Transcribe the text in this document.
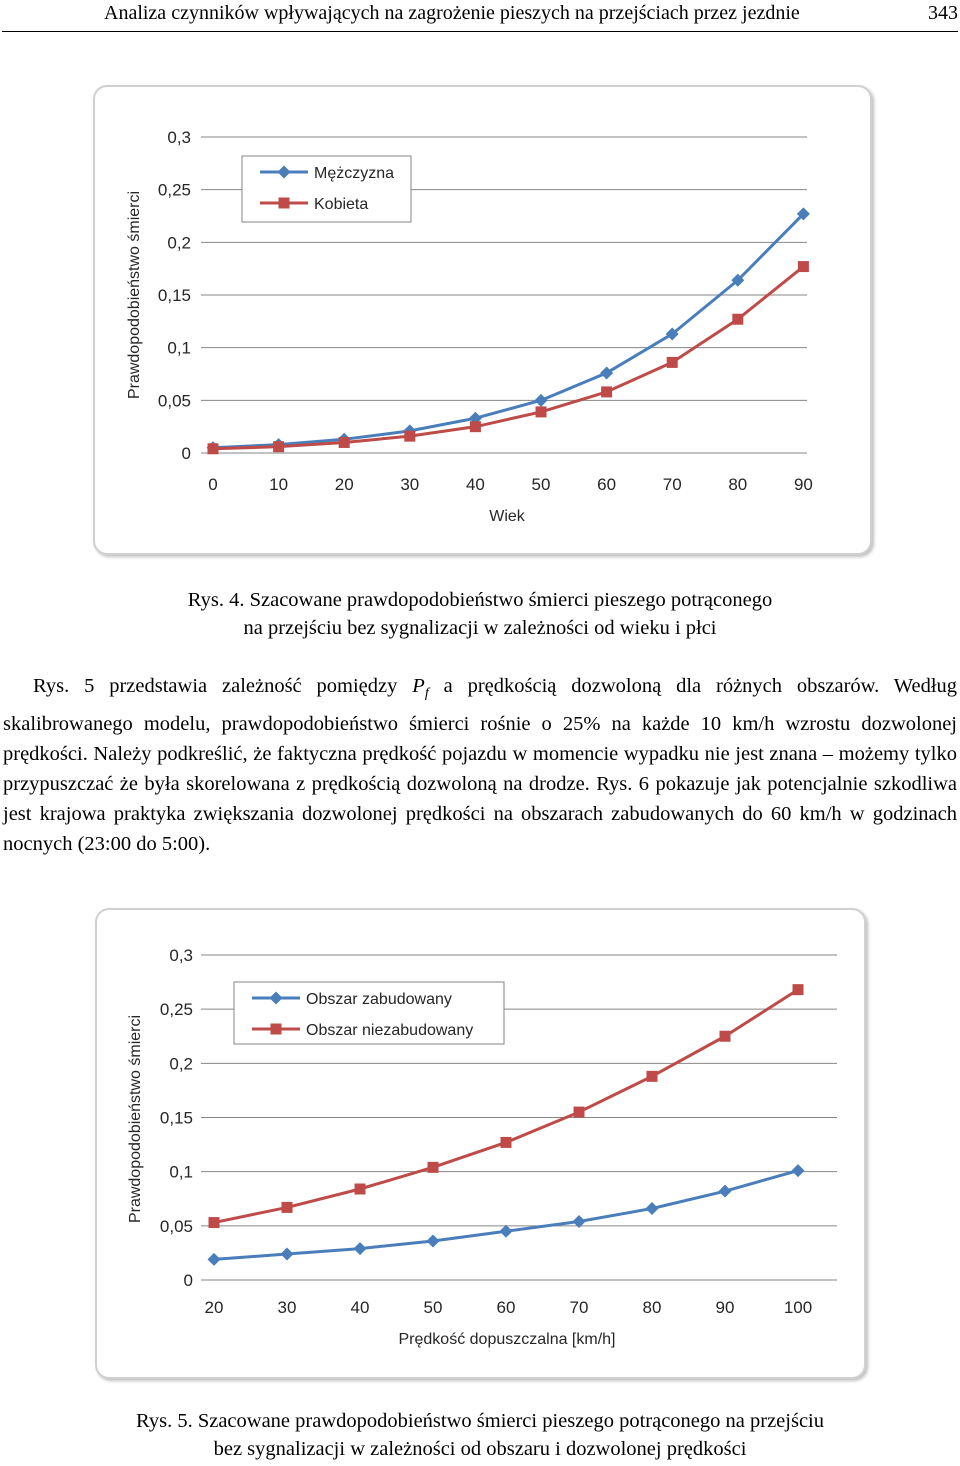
Analiza czynników wpływających na zagrożenie pieszych na przejściach przez jezdnie	343
0
0,05
0,1
0,15
0,2
0,25
0,3
0	10	20	30	40	50	60	70	80	90
Wiek
Prawdopodobieństwo śmierci
Mężczyzna
Kobieta
Rys. 4. Szacowane prawdopodobieństwo śmierci pieszego potrąconego
na przejściu bez sygnalizacji w zależności od wieku i płci
Rys. 5 przedstawia zależność pomiędzy $P_f$ a prędkością dozwoloną dla różnych obszarów. Według skalibrowanego modelu, prawdopodobieństwo śmierci rośnie o 25% na każde 10 km/h wzrostu dozwolonej prędkości. Należy podkreślić, że faktyczna prędkość pojazdu w momencie wypadku nie jest znana – możemy tylko przypuszczać że była skorelowana z prędkością dozwoloną na drodze. Rys. 6 pokazuje jak potencjalnie szkodliwa jest krajowa praktyka zwiększania dozwolonej prędkości na obszarach zabudowanych do 60 km/h w godzinach nocnych (23:00 do 5:00).
0
0,05
0,1
0,15
0,2
0,25
0,3
20	30	40	50	60	70	80	90	100
Prędkość dopuszczalna [km/h]
Prawdopodobieństwo śmierci
Obszar zabudowany
Obszar niezabudowany
Rys. 5. Szacowane prawdopodobieństwo śmierci pieszego potrąconego na przejściu
bez sygnalizacji w zależności od obszaru i dozwolonej prędkości
